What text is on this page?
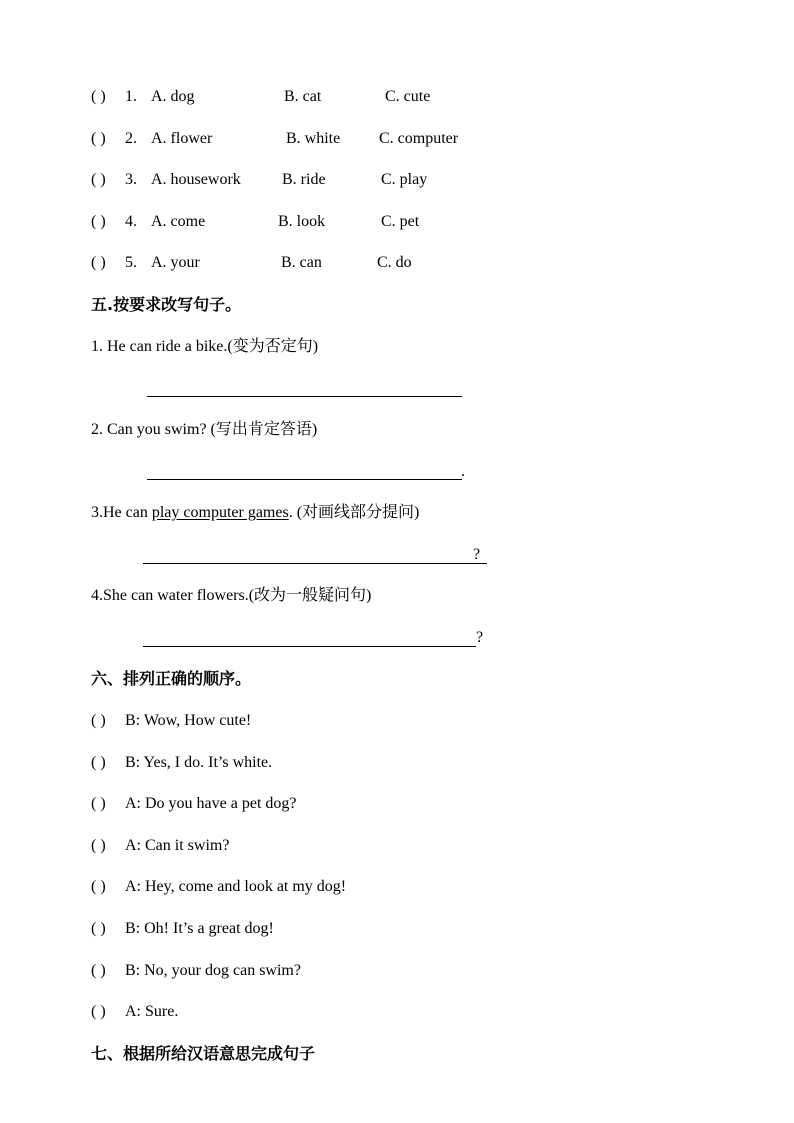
( ) 1. A. dog	B. cat	C. cute
( ) 2. A. flower	B. white C. computer
( ) 3. A. housework	B. ride	C. play
( ) 4. A. come	B. look	C. pet
( ) 5. A. your	B. can	C. do
五.按要求改写句子。
1. He can ride a bike.(变为否定句)
2. Can you swim? (写出肯定答语)
.
3.He can play computer games. (对画线部分提问)
?
4.She can water flowers.(改为一般疑问句)
?
六、排列正确的顺序。
( ) B: Wow, How cute!
( ) B: Yes, I do. It’s white.
( ) A: Do you have a pet dog?
( ) A: Can it swim?
( ) A: Hey, come and look at my dog!
( ) B: Oh! It’s a great dog!
( ) B: No, your dog can swim?
( ) A: Sure.
七、根据所给汉语意思完成句子
